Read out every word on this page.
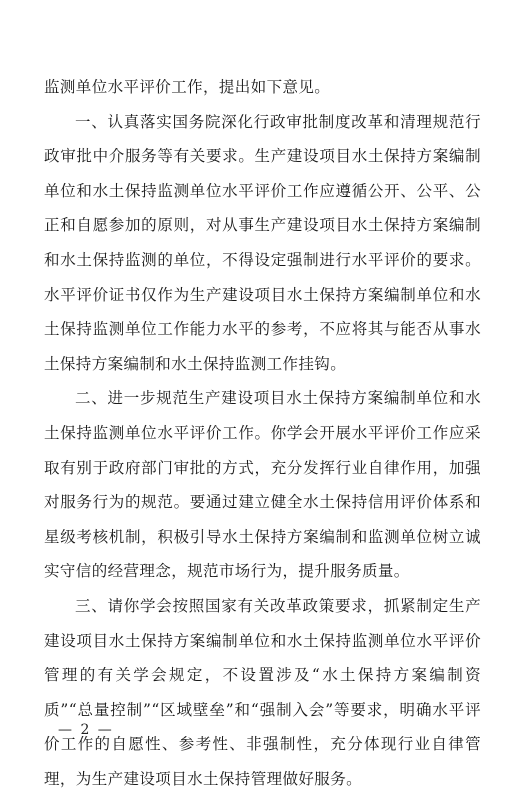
监测单位水平评价工作，提出如下意见。

一、认真落实国务院深化行政审批制度改革和清理规范行政审批中介服务等有关要求。生产建设项目水土保持方案编制单位和水土保持监测单位水平评价工作应遵循公开、公平、公正和自愿参加的原则，对从事生产建设项目水土保持方案编制和水土保持监测的单位，不得设定强制进行水平评价的要求。水平评价证书仅作为生产建设项目水土保持方案编制单位和水土保持监测单位工作能力水平的参考，不应将其与能否从事水土保持方案编制和水土保持监测工作挂钩。

二、进一步规范生产建设项目水土保持方案编制单位和水土保持监测单位水平评价工作。你学会开展水平评价工作应采取有别于政府部门审批的方式，充分发挥行业自律作用，加强对服务行为的规范。要通过建立健全水土保持信用评价体系和星级考核机制，积极引导水土保持方案编制和监测单位树立诚实守信的经营理念，规范市场行为，提升服务质量。

三、请你学会按照国家有关改革政策要求，抓紧制定生产建设项目水土保持方案编制单位和水土保持监测单位水平评价管理的有关学会规定，不设置涉及“水土保持方案编制资质”“总量控制”“区域壁垒”和“强制入会”等要求，明确水平评价工作的自愿性、参考性、非强制性，充分体现行业自律管理，为生产建设项目水土保持管理做好服务。

— 2 —
